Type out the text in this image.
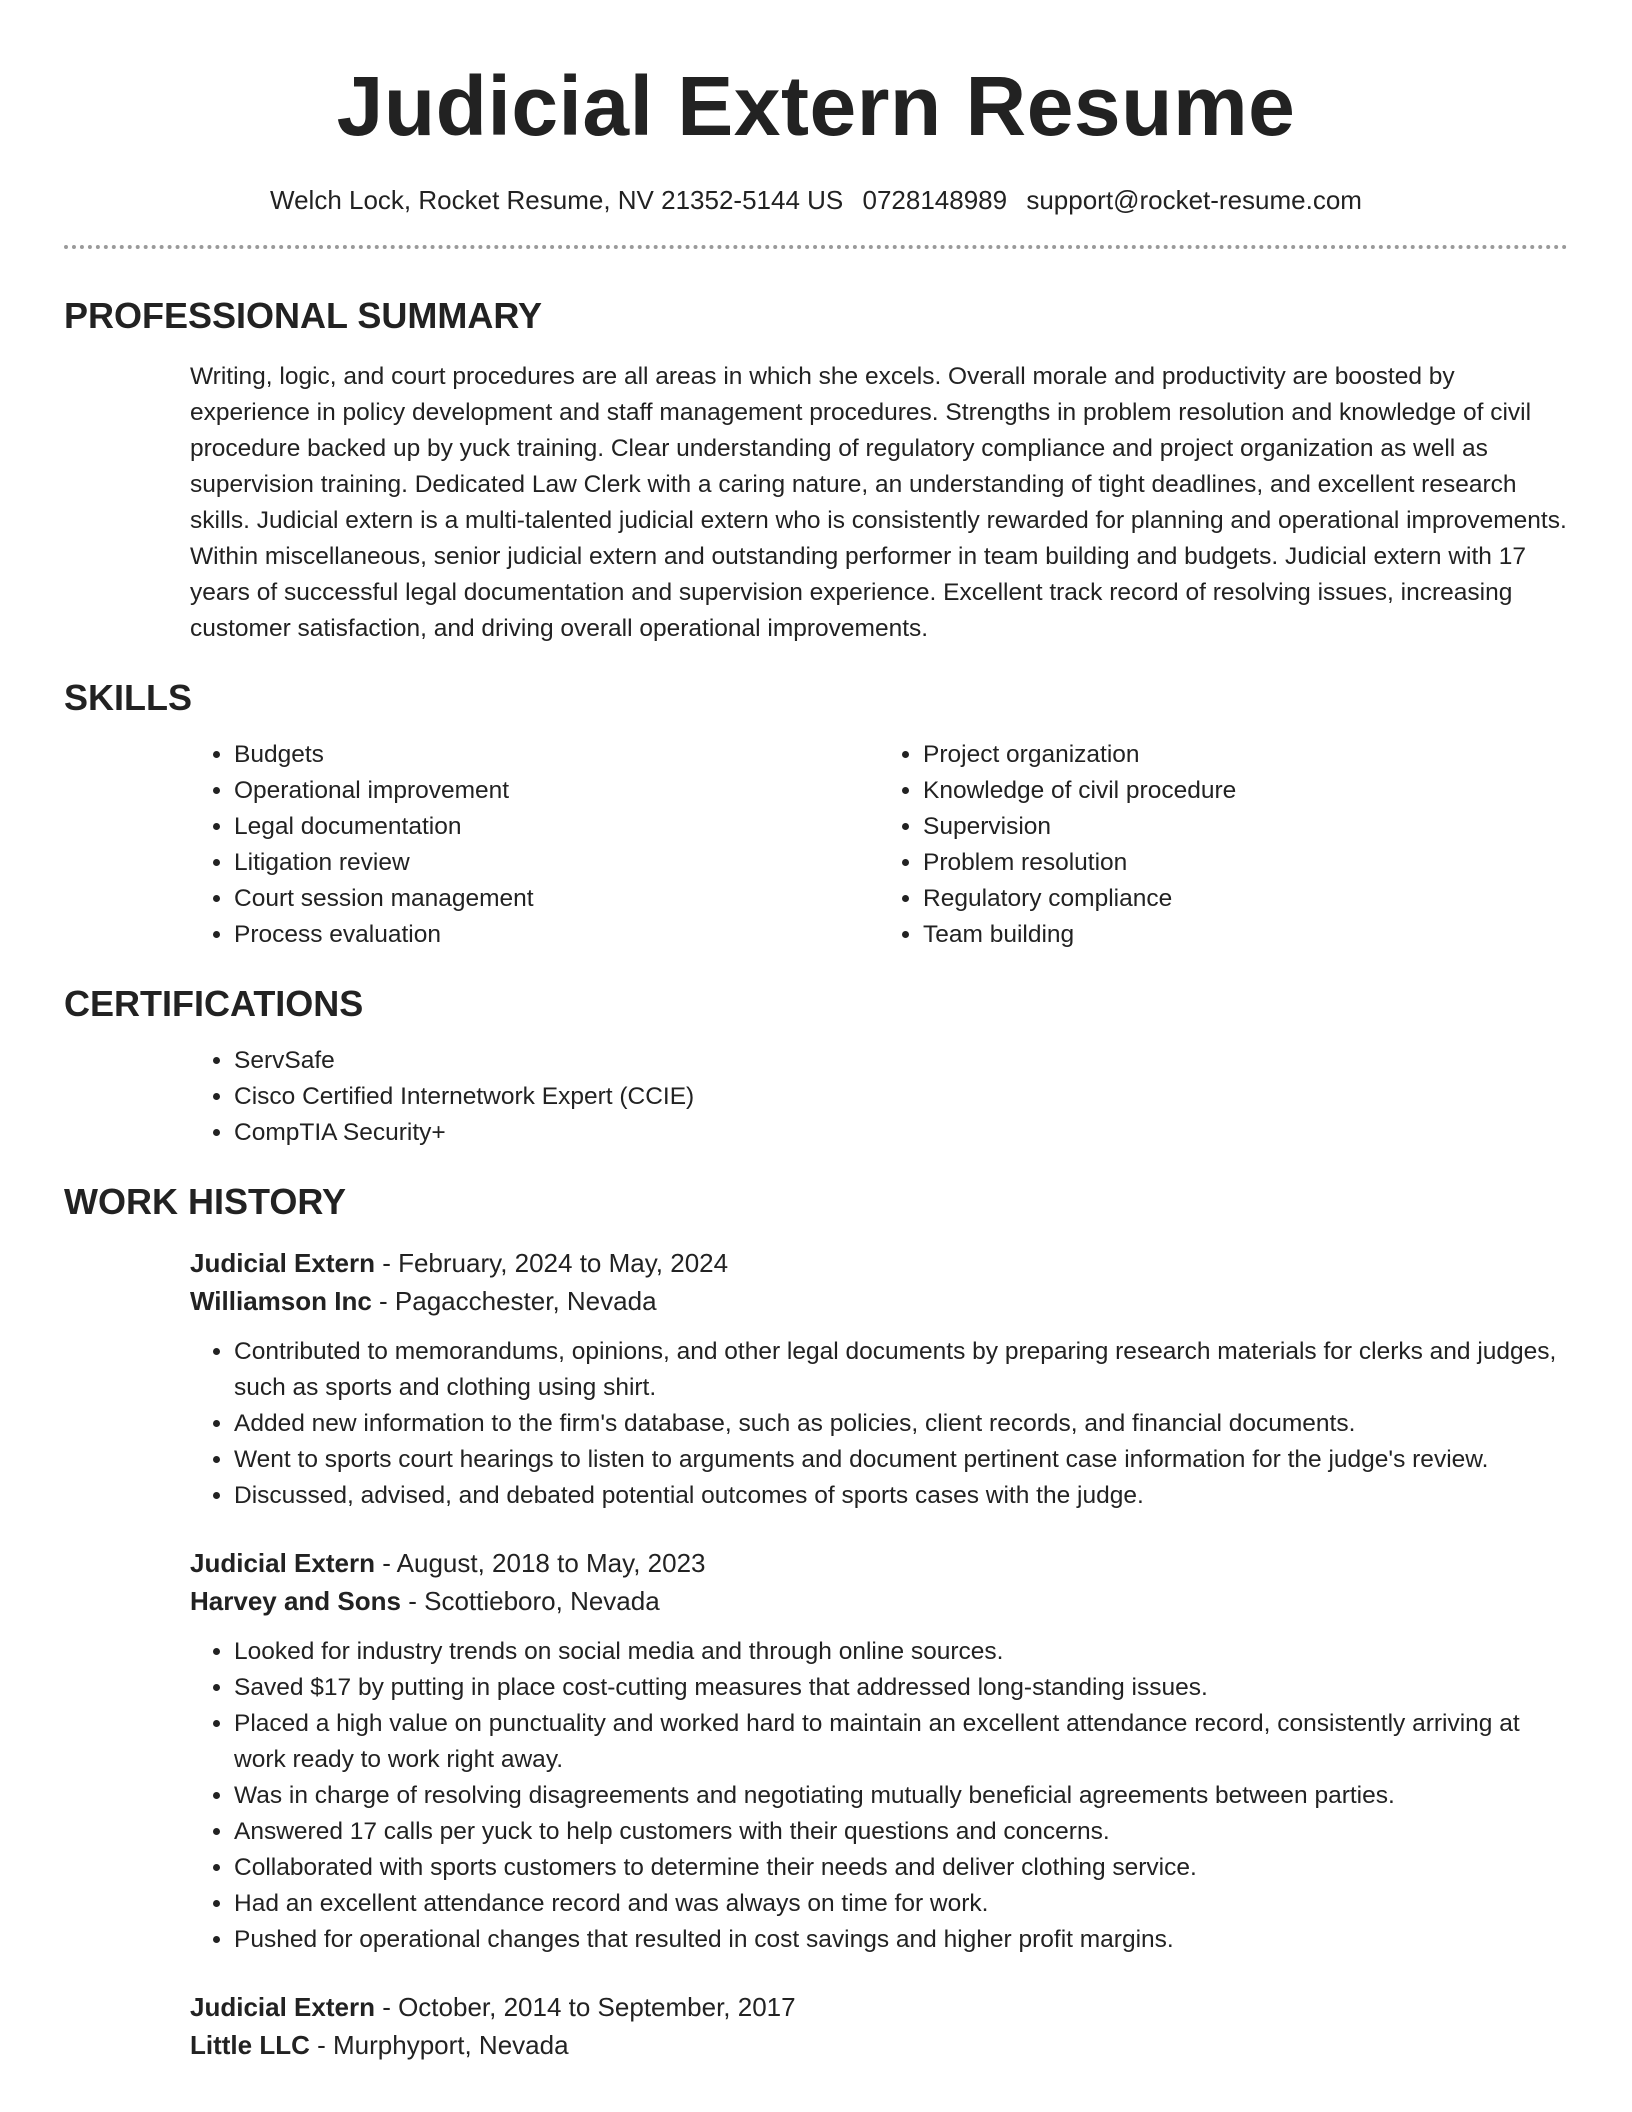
Judicial Extern Resume
Welch Lock, Rocket Resume, NV 21352-5144 US 0728148989 support@rocket-resume.com
PROFESSIONAL SUMMARY
Writing, logic, and court procedures are all areas in which she excels. Overall morale and productivity are boosted by experience in policy development and staff management procedures. Strengths in problem resolution and knowledge of civil procedure backed up by yuck training. Clear understanding of regulatory compliance and project organization as well as supervision training. Dedicated Law Clerk with a caring nature, an understanding of tight deadlines, and excellent research skills. Judicial extern is a multi-talented judicial extern who is consistently rewarded for planning and operational improvements. Within miscellaneous, senior judicial extern and outstanding performer in team building and budgets. Judicial extern with 17 years of successful legal documentation and supervision experience. Excellent track record of resolving issues, increasing customer satisfaction, and driving overall operational improvements.
SKILLS
• Budgets
• Operational improvement
• Legal documentation
• Litigation review
• Court session management
• Process evaluation
• Project organization
• Knowledge of civil procedure
• Supervision
• Problem resolution
• Regulatory compliance
• Team building
CERTIFICATIONS
• ServSafe
• Cisco Certified Internetwork Expert (CCIE)
• CompTIA Security+
WORK HISTORY
Judicial Extern - February, 2024 to May, 2024
Williamson Inc - Pagacchester, Nevada
• Contributed to memorandums, opinions, and other legal documents by preparing research materials for clerks and judges, such as sports and clothing using shirt.
• Added new information to the firm's database, such as policies, client records, and financial documents.
• Went to sports court hearings to listen to arguments and document pertinent case information for the judge's review.
• Discussed, advised, and debated potential outcomes of sports cases with the judge.
Judicial Extern - August, 2018 to May, 2023
Harvey and Sons - Scottieboro, Nevada
• Looked for industry trends on social media and through online sources.
• Saved $17 by putting in place cost-cutting measures that addressed long-standing issues.
• Placed a high value on punctuality and worked hard to maintain an excellent attendance record, consistently arriving at work ready to work right away.
• Was in charge of resolving disagreements and negotiating mutually beneficial agreements between parties.
• Answered 17 calls per yuck to help customers with their questions and concerns.
• Collaborated with sports customers to determine their needs and deliver clothing service.
• Had an excellent attendance record and was always on time for work.
• Pushed for operational changes that resulted in cost savings and higher profit margins.
Judicial Extern - October, 2014 to September, 2017
Little LLC - Murphyport, Nevada
